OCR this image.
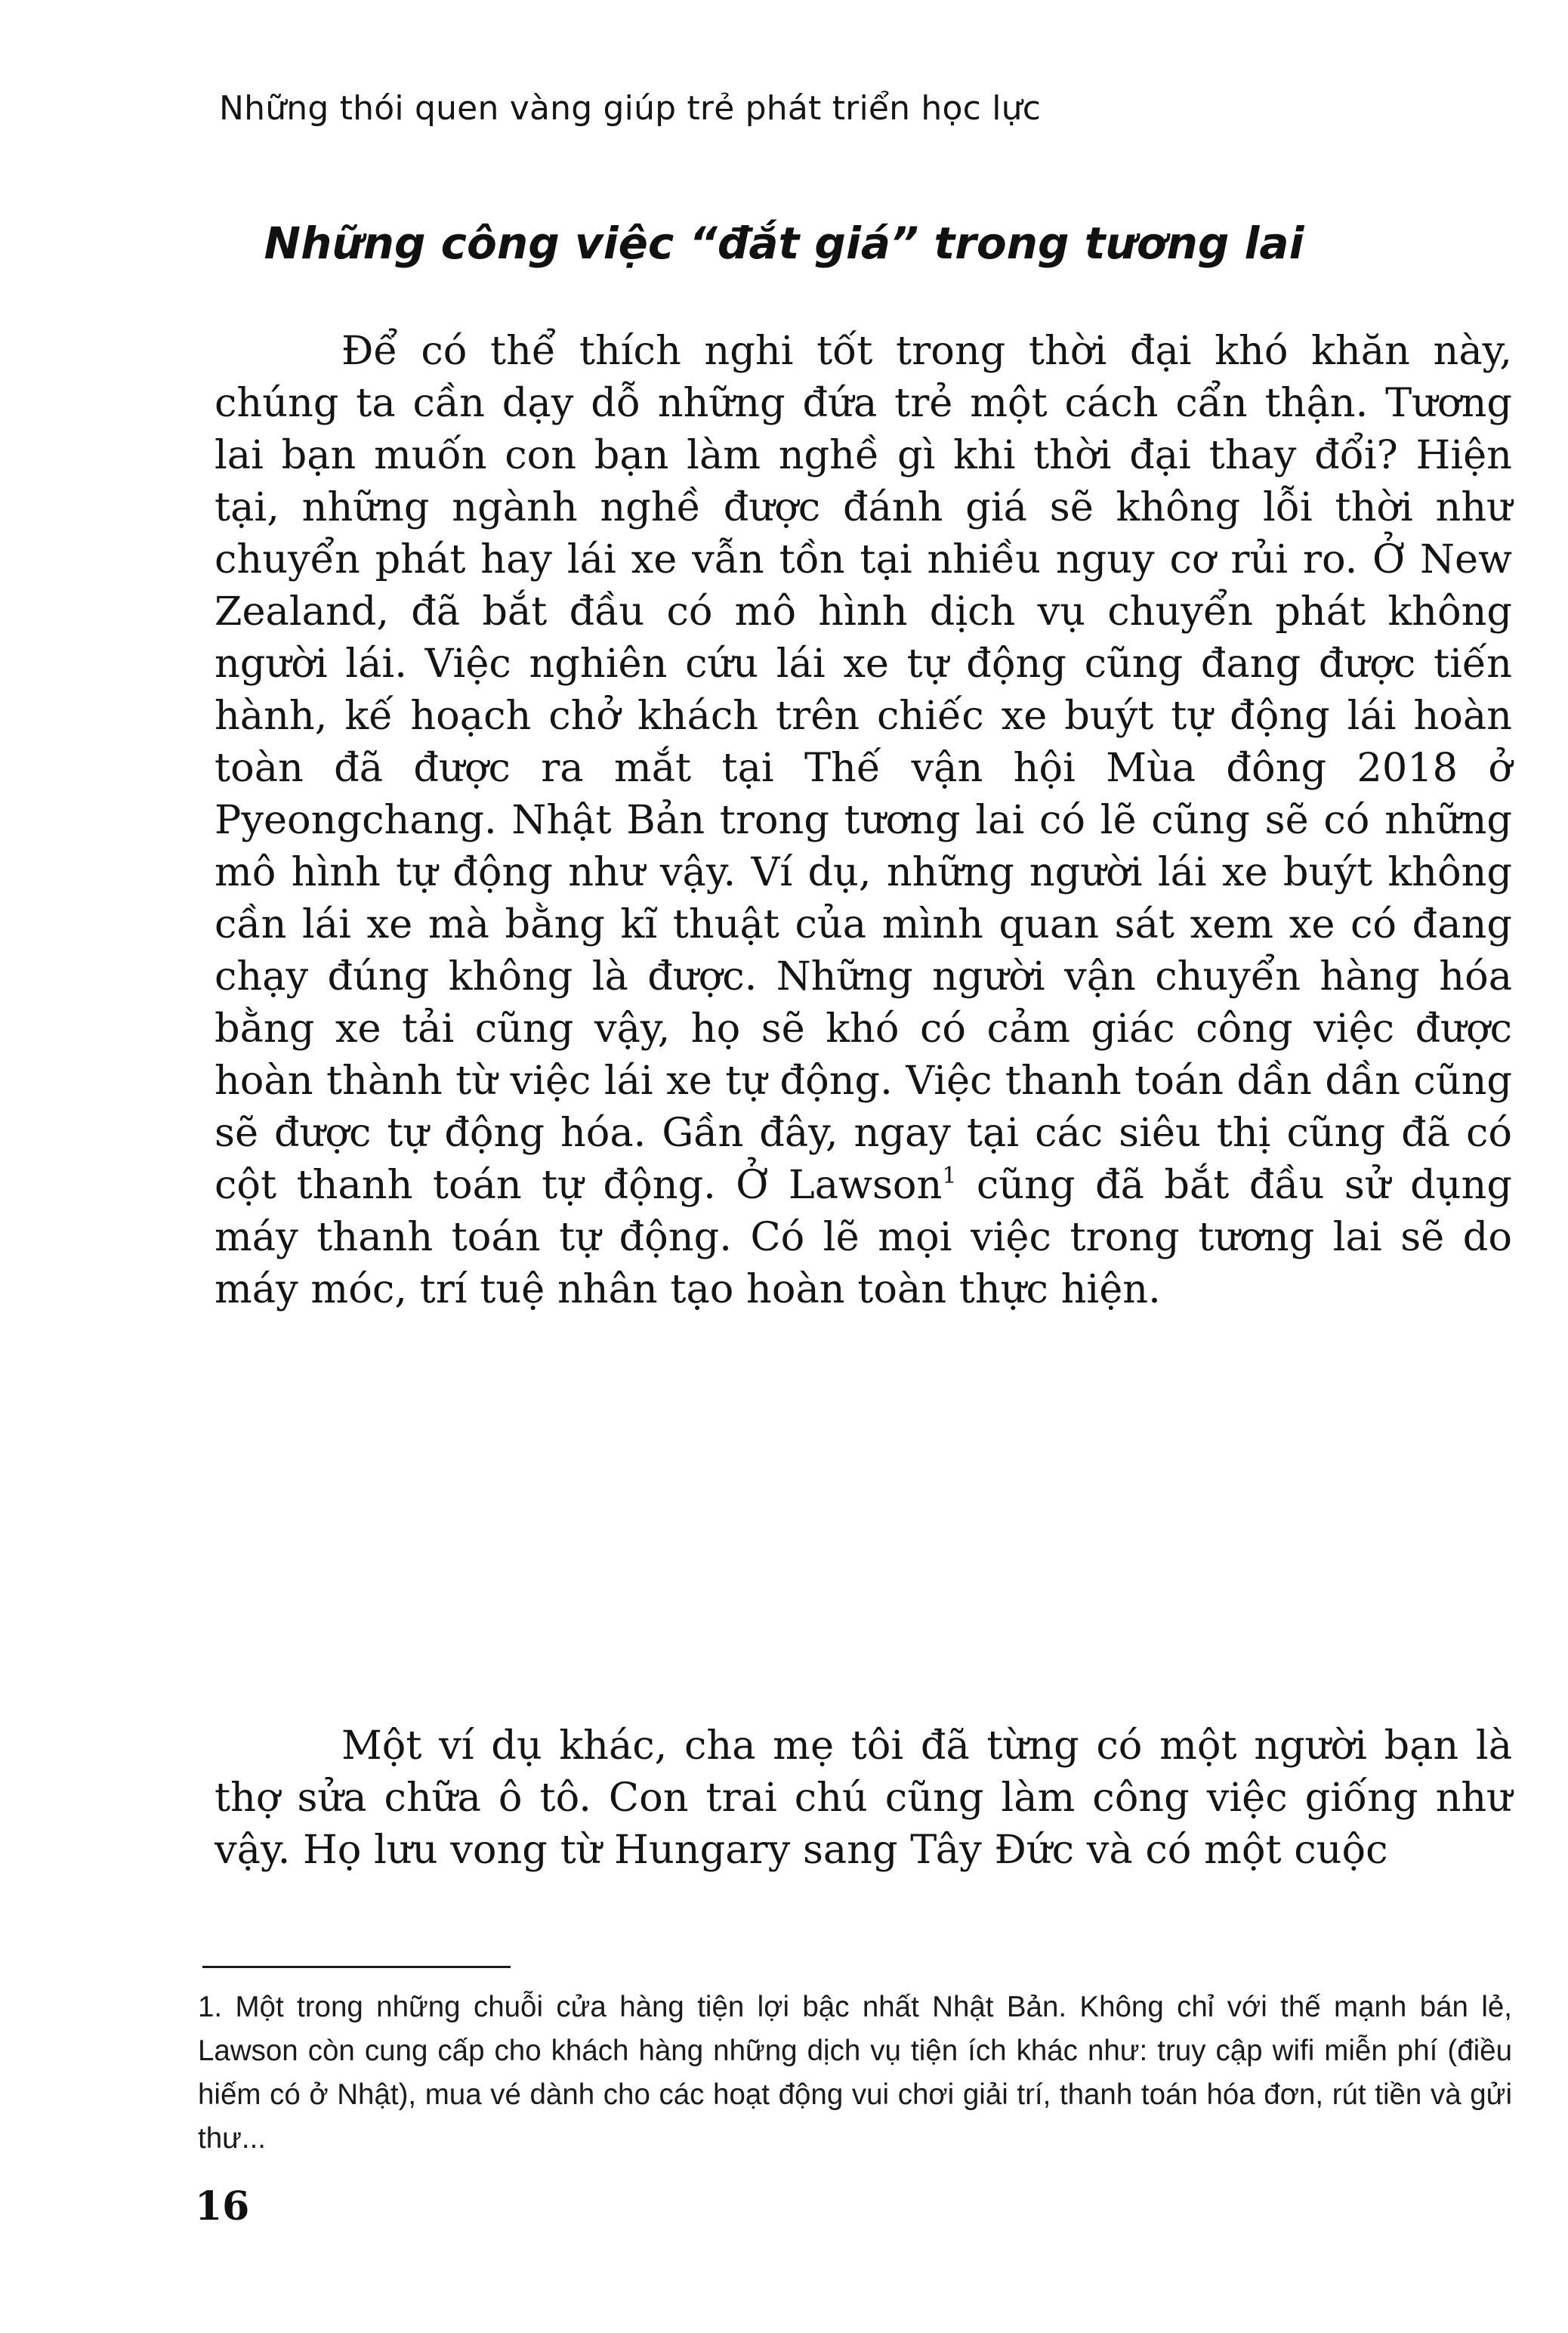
Những thói quen vàng giúp trẻ phát triển học lực
Những công việc “đắt giá” trong tương lai

Để có thể thích nghi tốt trong thời đại khó khăn này, chúng ta cần dạy dỗ những đứa trẻ một cách cẩn thận. Tương lai bạn muốn con bạn làm nghề gì khi thời đại thay đổi? Hiện tại, những ngành nghề được đánh giá sẽ không lỗi thời như chuyển phát hay lái xe vẫn tồn tại nhiều nguy cơ rủi ro. Ở New Zealand, đã bắt đầu có mô hình dịch vụ chuyển phát không người lái. Việc nghiên cứu lái xe tự động cũng đang được tiến hành, kế hoạch chở khách trên chiếc xe buýt tự động lái hoàn toàn đã được ra mắt tại Thế vận hội Mùa đông 2018 ở Pyeongchang. Nhật Bản trong tương lai có lẽ cũng sẽ có những mô hình tự động như vậy. Ví dụ, những người lái xe buýt không cần lái xe mà bằng kĩ thuật của mình quan sát xem xe có đang chạy đúng không là được. Những người vận chuyển hàng hóa bằng xe tải cũng vậy, họ sẽ khó có cảm giác công việc được hoàn thành từ việc lái xe tự động. Việc thanh toán dần dần cũng sẽ được tự động hóa. Gần đây, ngay tại các siêu thị cũng đã có cột thanh toán tự động. Ở Lawson$^1$ cũng đã bắt đầu sử dụng máy thanh toán tự động. Có lẽ mọi việc trong tương lai sẽ do máy móc, trí tuệ nhân tạo hoàn toàn thực hiện.

Một ví dụ khác, cha mẹ tôi đã từng có một người bạn là thợ sửa chữa ô tô. Con trai chú cũng làm công việc giống như vậy. Họ lưu vong từ Hungary sang Tây Đức và có một cuộc

1. Một trong những chuỗi cửa hàng tiện lợi bậc nhất Nhật Bản. Không chỉ với thế mạnh bán lẻ, Lawson còn cung cấp cho khách hàng những dịch vụ tiện ích khác như: truy cập wifi miễn phí (điều hiếm có ở Nhật), mua vé dành cho các hoạt động vui chơi giải trí, thanh toán hóa đơn, rút tiền và gửi thư...

16
